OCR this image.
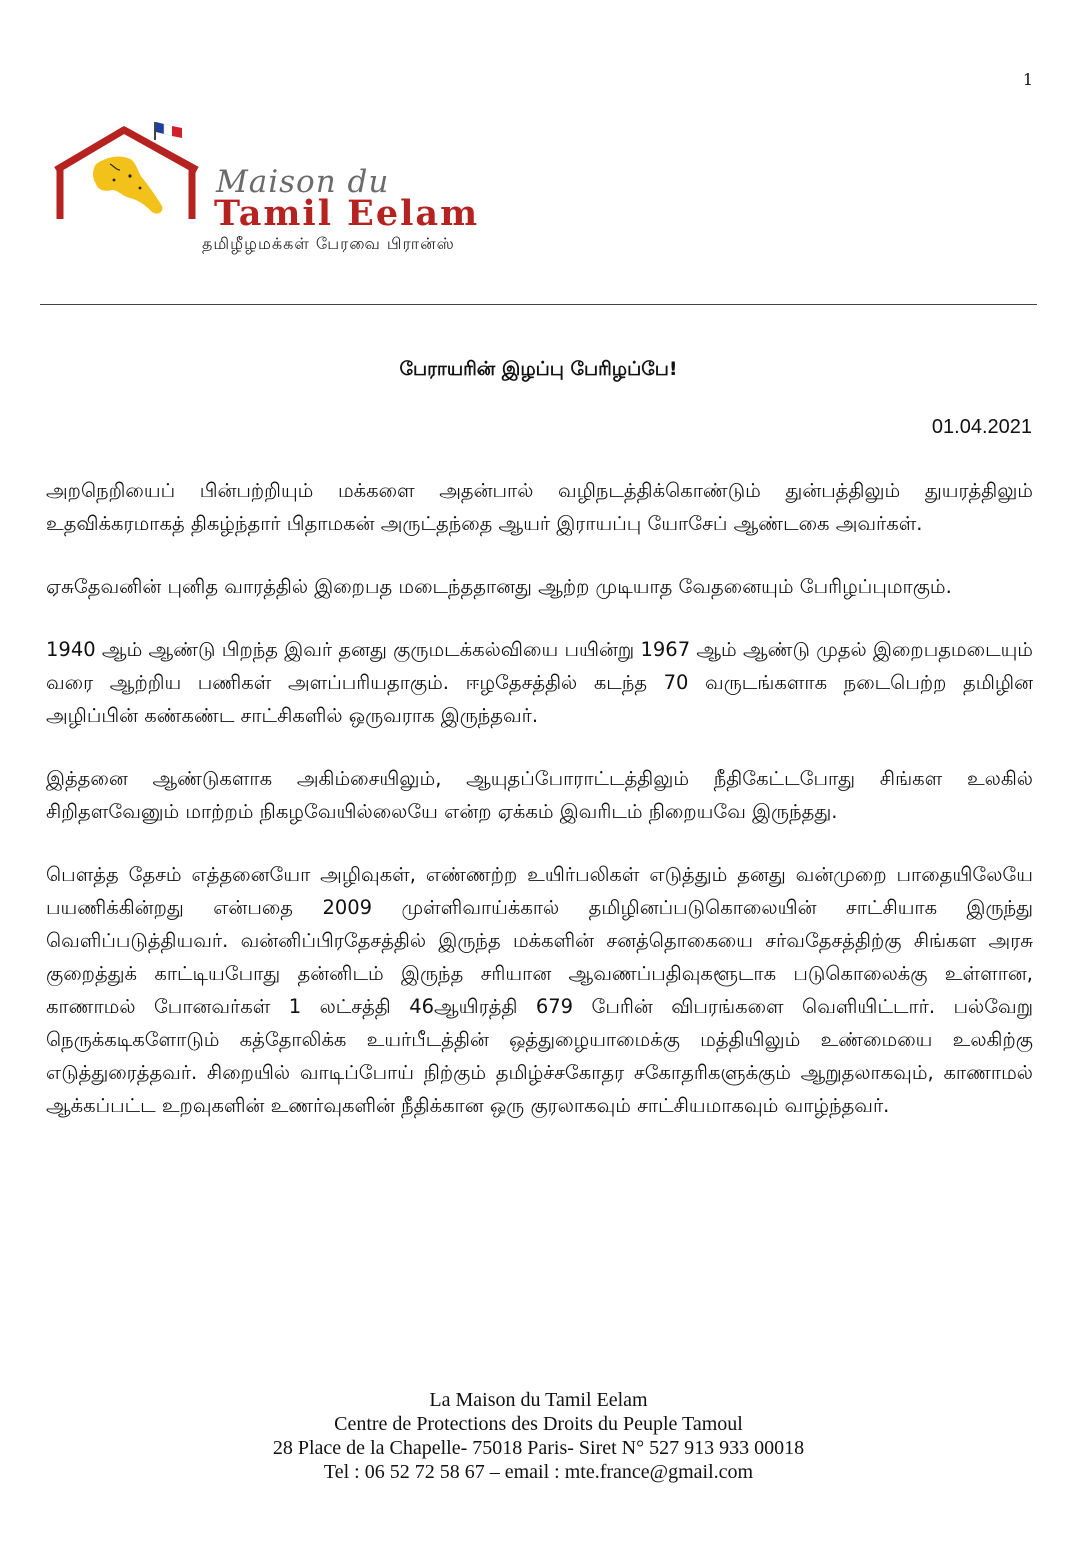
1
Maison du
Tamil Eelam
தமிழீழமக்கள் பேரவை பிரான்ஸ்
பேராயரின் இழப்பு பேரிழப்பே!
01.04.2021

அறநெறியைப் பின்பற்றியும் மக்களை அதன்பால் வழிநடத்திக்கொண்டும் துன்பத்திலும் துயரத்திலும் உதவிக்கரமாகத் திகழ்ந்தார் பிதாமகன் அருட்தந்தை ஆயர் இராயப்பு யோசேப் ஆண்டகை அவர்கள்.

ஏசுதேவனின் புனித வாரத்தில் இறைபத மடைந்ததானது ஆற்ற முடியாத வேதனையும் பேரிழப்புமாகும்.

1940 ஆம் ஆண்டு பிறந்த இவர் தனது குருமடக்கல்வியை பயின்று 1967 ஆம் ஆண்டு முதல் இறைபதமடையும் வரை ஆற்றிய பணிகள் அளப்பரியதாகும். ஈழதேசத்தில் கடந்த 70 வருடங்களாக நடைபெற்ற தமிழின அழிப்பின் கண்கண்ட சாட்சிகளில் ஒருவராக இருந்தவர்.

இத்தனை ஆண்டுகளாக அகிம்சையிலும், ஆயுதப்போராட்டத்திலும் நீதிகேட்டபோது சிங்கள உலகில் சிறிதளவேனும் மாற்றம் நிகழவேயில்லையே என்ற ஏக்கம் இவரிடம் நிறையவே இருந்தது.

பௌத்த தேசம் எத்தனையோ அழிவுகள், எண்ணற்ற உயிர்பலிகள் எடுத்தும் தனது வன்முறை பாதையிலேயே பயணிக்கின்றது என்பதை 2009 முள்ளிவாய்க்கால் தமிழினப்படுகொலையின் சாட்சியாக இருந்து வெளிப்படுத்தியவர். வன்னிப்பிரதேசத்தில் இருந்த மக்களின் சனத்தொகையை சர்வதேசத்திற்கு சிங்கள அரசு குறைத்துக் காட்டியபோது தன்னிடம் இருந்த சரியான ஆவணப்பதிவுகளூடாக படுகொலைக்கு உள்ளான, காணாமல் போனவர்கள் 1 லட்சத்தி 46ஆயிரத்தி 679 பேரின் விபரங்களை வெளியிட்டார். பல்வேறு நெருக்கடிகளோடும் கத்தோலிக்க உயர்பீடத்தின் ஒத்துழையாமைக்கு மத்தியிலும் உண்மையை உலகிற்கு எடுத்துரைத்தவர். சிறையில் வாடிப்போய் நிற்கும் தமிழ்ச்சகோதர சகோதரிகளுக்கும் ஆறுதலாகவும், காணாமல் ஆக்கப்பட்ட உறவுகளின் உணர்வுகளின் நீதிக்கான ஒரு குரலாகவும் சாட்சியமாகவும் வாழ்ந்தவர்.

La Maison du Tamil Eelam
Centre de Protections des Droits du Peuple Tamoul
28 Place de la Chapelle- 75018 Paris- Siret N° 527 913 933 00018
Tel : 06 52 72 58 67 – email : mte.france@gmail.com
